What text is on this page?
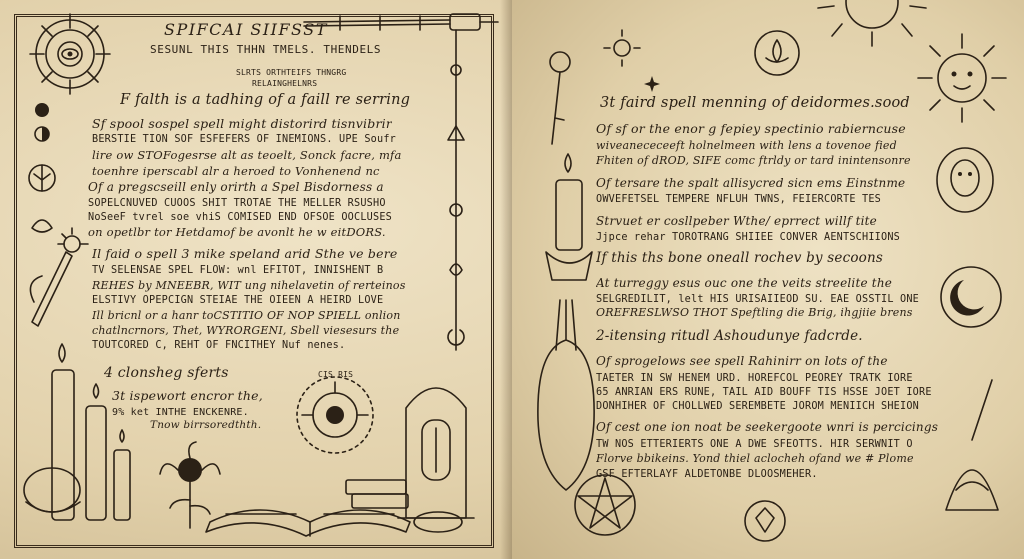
SPIFCAI SIIFSST

SESUNL THIS THHN TMELS. THENDELS

SLRTS ORTHTEIFS THNGRG

RELAINGHELNRS

F falth is a tadhing of a faill re serring

Sf spool sospel spell might distorird tisnvibrir

BERSTIE TION SOF ESFEFERS OF INEMIONS. UPE Soufr

lire ow STOFogesrse alt as teoelt, Sonck facre, mfa

toenhre iperscabl alr a heroed to Vonhenend nc

Of a pregscseill enly orirth a Spel Bisdorness a

SOPELCNUVED CUOOS SHIT TROTAE THE MELLER RSUSHO

NoSeeF tvrel soe vhiS COMISED END OFSOE OOCLUSES

on opetlbr tor Hetdamof be avonlt he w eitDORS.

Il faid o spell 3 mike speland arid Sthe ve bere

TV SELENSAE SPEL FLOW: wnl EFITOT, INNISHENT B

REHES by MNEEBR, WIT ung nihelavetin of rerteinos

ELSTIVY OPEPCIGN STEIAE THE OIEEN A HEIRD LOVE

Ill bricnl or a hanr toCSTITIO OF NOP SPIELL onlion

chatlncrnors, Thet, WYRORGENI, Sbell viesesurs the

TOUTCORED C, REHT OF FNCITHEY Nuf nenes.

4 clonsheg sferts

3t ispewort encror the,

9% ket INTHE ENCKENRE.

Tnow birrsoredthth.

CIS RIS

3t faird spell menning of deidormes.sood

Of sf or the enor g fepiey spectinio rabierncuse

wiveanececeeft holnelmeen with lens a tovenoe fied

Fhiten of dROD, SIFE comc ftrldy or tard inintensonre

Of tersare the spalt allisycred sicn ems Einstnme

OWVEFETSEL TEMPERE NFLUH TWNS, FEIERCORTE TES

Strvuet er cosllpeber Wthe/ eprrect willf tite

Jjpce rehar TOROTRANG SHIIEE CONVER AENTSCHIIONS

If this ths bone oneall rochev by secoons

At turreggy esus ouc one the veits streelite the

SELGREDILIT, lelt HIS URISAIIEOD SU. EAE OSSTIL ONE

OREFRESLWSO THOT Speftling die Brig, ihgjiie brens

2-itensing ritudl Ashoudunye fadcrde.

Of sprogelows see spell Rahinirr on lots of the

TAETER IN SW HENEM URD. HOREFCOL PEOREY TRATK IORE

65 ANRIAN ERS RUNE, TAIL AID BOUFF TIS HSSE JOET IORE

DONHIHER OF CHOLLWED SEREMBETE JOROM MENIICH SHEION

Of cest one ion noat be seekergoote wnri is percicings

TW NOS ETTERIERTS ONE A DWE SFEOTTS. HIR SERWNIT O

Florve bbikeins. Yond thiel aclocheh ofand we # Plome

GSF EFTERLAYF ALDETONBE DLOOSMEHER.
